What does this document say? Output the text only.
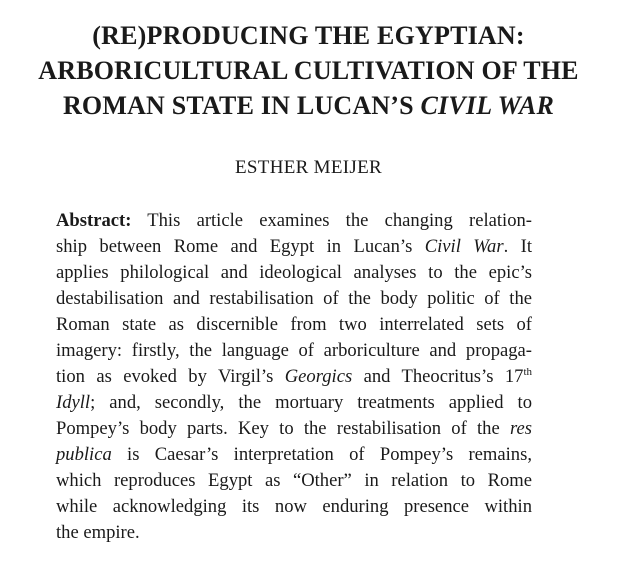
(RE)PRODUCING THE EGYPTIAN:
ARBORICULTURAL CULTIVATION OF THE
ROMAN STATE IN LUCAN’S CIVIL WAR

ESTHER MEIJER

Abstract: This article examines the changing relation-
ship between Rome and Egypt in Lucan’s Civil War. It
applies philological and ideological analyses to the epic’s
destabilisation and restabilisation of the body politic of the
Roman state as discernible from two interrelated sets of
imagery: firstly, the language of arboriculture and propaga-
tion as evoked by Virgil’s Georgics and Theocritus’s 17th
Idyll; and, secondly, the mortuary treatments applied to
Pompey’s body parts. Key to the restabilisation of the res
publica is Caesar’s interpretation of Pompey’s remains,
which reproduces Egypt as “Other” in relation to Rome
while acknowledging its now enduring presence within
the empire.
